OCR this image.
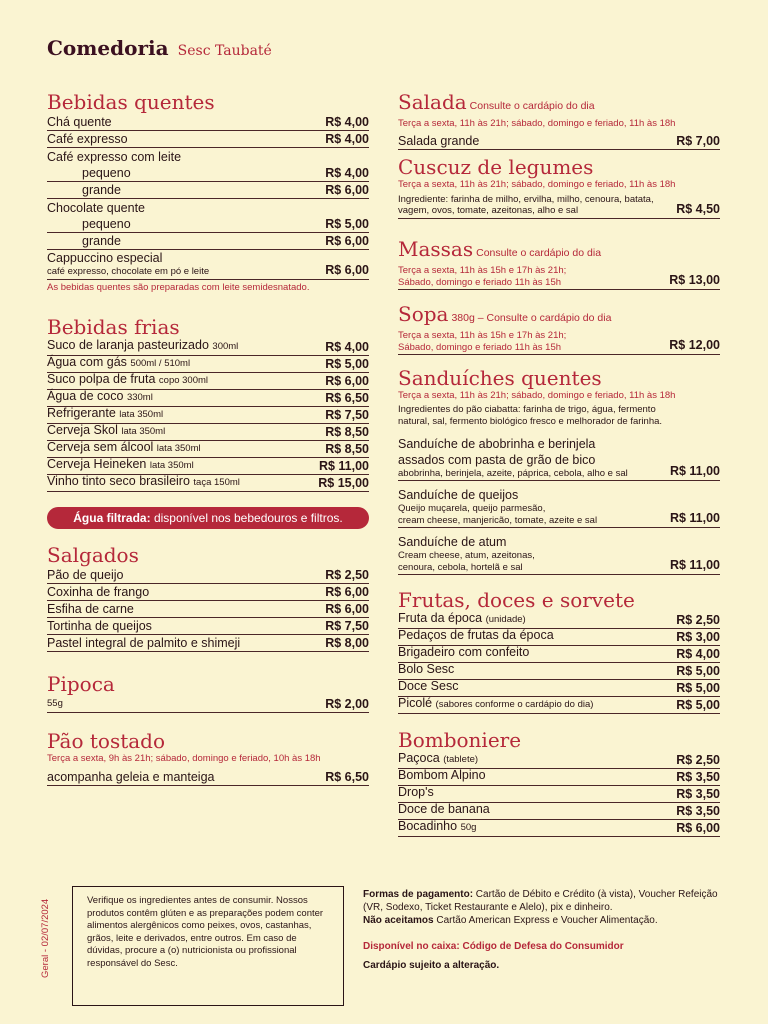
Comedoria Sesc Taubaté
Bebidas quentes
Chá quente	R$ 4,00
Café expresso	R$ 4,00
Café expresso com leite
pequeno	R$ 4,00
grande	R$ 6,00
Chocolate quente
pequeno	R$ 5,00
grande	R$ 6,00
Cappuccino especial
café expresso, chocolate em pó e leite	R$ 6,00
As bebidas quentes são preparadas com leite semidesnatado.
Bebidas frias
Suco de laranja pasteurizado 300ml	R$ 4,00
Água com gás 500ml / 510ml	R$ 5,00
Suco polpa de fruta copo 300ml	R$ 6,00
Água de coco 330ml	R$ 6,50
Refrigerante lata 350ml	R$ 7,50
Cerveja Skol lata 350ml	R$ 8,50
Cerveja sem álcool lata 350ml	R$ 8,50
Cerveja Heineken lata 350ml	R$ 11,00
Vinho tinto seco brasileiro taça 150ml	R$ 15,00
Salgados
Pão de queijo	R$ 2,50
Coxinha de frango	R$ 6,00
Esfiha de carne	R$ 6,00
Tortinha de queijos	R$ 7,50
Pastel integral de palmito e shimeji	R$ 8,00
Pipoca
55g	R$ 2,00
Pão tostado
Terça a sexta, 9h às 21h; sábado, domingo e feriado, 10h às 18h
acompanha geleia e manteiga	R$ 6,50
Água filtrada: disponível nos bebedouros e filtros.
Salada Consulte o cardápio do dia
Terça a sexta, 11h às 21h; sábado, domingo e feriado, 11h às 18h
Salada grande	R$ 7,00
Cuscuz de legumes
Terça a sexta, 11h às 21h; sábado, domingo e feriado, 11h às 18h
Ingrediente: farinha de milho, ervilha, milho, cenoura, batata,
vagem, ovos, tomate, azeitonas, alho e sal	R$ 4,50
Massas Consulte o cardápio do dia
Terça a sexta, 11h às 15h e 17h às 21h;
Sábado, domingo e feriado 11h às 15h	R$ 13,00
Sopa 380g – Consulte o cardápio do dia
Terça a sexta, 11h às 15h e 17h às 21h;
Sábado, domingo e feriado 11h às 15h	R$ 12,00
Sanduíches quentes
Terça a sexta, 11h às 21h; sábado, domingo e feriado, 11h às 18h
Ingredientes do pão ciabatta: farinha de trigo, água, fermento
natural, sal, fermento biológico fresco e melhorador de farinha.
Sanduíche de abobrinha e berinjela
assados com pasta de grão de bico
abobrinha, berinjela, azeite, páprica, cebola, alho e sal	R$ 11,00
Sanduíche de queijos
Queijo muçarela, queijo parmesão,
cream cheese, manjericão, tomate, azeite e sal	R$ 11,00
Sanduíche de atum
Cream cheese, atum, azeitonas,
cenoura, cebola, hortelã e sal	R$ 11,00
Frutas, doces e sorvete
Fruta da época (unidade)	R$ 2,50
Pedaços de frutas da época	R$ 3,00
Brigadeiro com confeito	R$ 4,00
Bolo Sesc	R$ 5,00
Doce Sesc	R$ 5,00
Picolé (sabores conforme o cardápio do dia)	R$ 5,00
Bomboniere
Paçoca (tablete)	R$ 2,50
Bombom Alpino	R$ 3,50
Drop's	R$ 3,50
Doce de banana	R$ 3,50
Bocadinho 50g	R$ 6,00
Geral - 02/07/2024	Verifique os ingredientes antes de consumir. Nossos produtos contêm glúten e as preparações podem conter alimentos alergênicos como peixes, ovos, castanhas, grãos, leite e derivados, entre outros. Em caso de dúvidas, procure a (o) nutricionista ou profissional responsável do Sesc.
Formas de pagamento: Cartão de Débito e Crédito (à vista), Voucher Refeição (VR, Sodexo, Ticket Restaurante e Alelo), pix e dinheiro.
Não aceitamos Cartão American Express e Voucher Alimentação.
Disponível no caixa: Código de Defesa do Consumidor
Cardápio sujeito a alteração.
